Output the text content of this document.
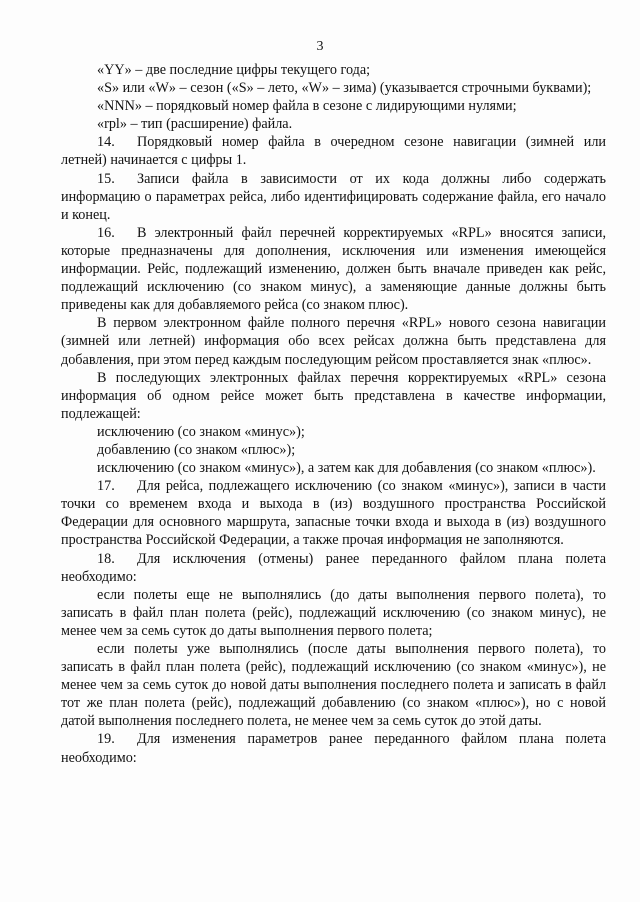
3

«YY» – две последние цифры текущего года;

«S» или «W» – сезон («S» – лето, «W» – зима) (указывается строчными буквами);

«NNN» – порядковый номер файла в сезоне с лидирующими нулями;

«rpl» – тип (расширение) файла.

14. Порядковый номер файла в очередном сезоне навигации (зимней или летней) начинается с цифры 1.

15. Записи файла в зависимости от их кода должны либо содержать информацию о параметрах рейса, либо идентифицировать содержание файла, его начало и конец.

16. В электронный файл перечней корректируемых «RPL» вносятся записи, которые предназначены для дополнения, исключения или изменения имеющейся информации. Рейс, подлежащий изменению, должен быть вначале приведен как рейс, подлежащий исключению (со знаком минус), а заменяющие данные должны быть приведены как для добавляемого рейса (со знаком плюс).

В первом электронном файле полного перечня «RPL» нового сезона навигации (зимней или летней) информация обо всех рейсах должна быть представлена для добавления, при этом перед каждым последующим рейсом проставляется знак «плюс».

В последующих электронных файлах перечня корректируемых «RPL» сезона информация об одном рейсе может быть представлена в качестве информации, подлежащей:

исключению (со знаком «минус»);

добавлению (со знаком «плюс»);

исключению (со знаком «минус»), а затем как для добавления (со знаком «плюс»).

17. Для рейса, подлежащего исключению (со знаком «минус»), записи в части точки со временем входа и выхода в (из) воздушного пространства Российской Федерации для основного маршрута, запасные точки входа и выхода в (из) воздушного пространства Российской Федерации, а также прочая информация не заполняются.

18. Для исключения (отмены) ранее переданного файлом плана полета необходимо:

если полеты еще не выполнялись (до даты выполнения первого полета), то записать в файл план полета (рейс), подлежащий исключению (со знаком минус), не менее чем за семь суток до даты выполнения первого полета;

если полеты уже выполнялись (после даты выполнения первого полета), то записать в файл план полета (рейс), подлежащий исключению (со знаком «минус»), не менее чем за семь суток до новой даты выполнения последнего полета и записать в файл тот же план полета (рейс), подлежащий добавлению (со знаком «плюс»), но с новой датой выполнения последнего полета, не менее чем за семь суток до этой даты.

19. Для изменения параметров ранее переданного файлом плана полета необходимо:
